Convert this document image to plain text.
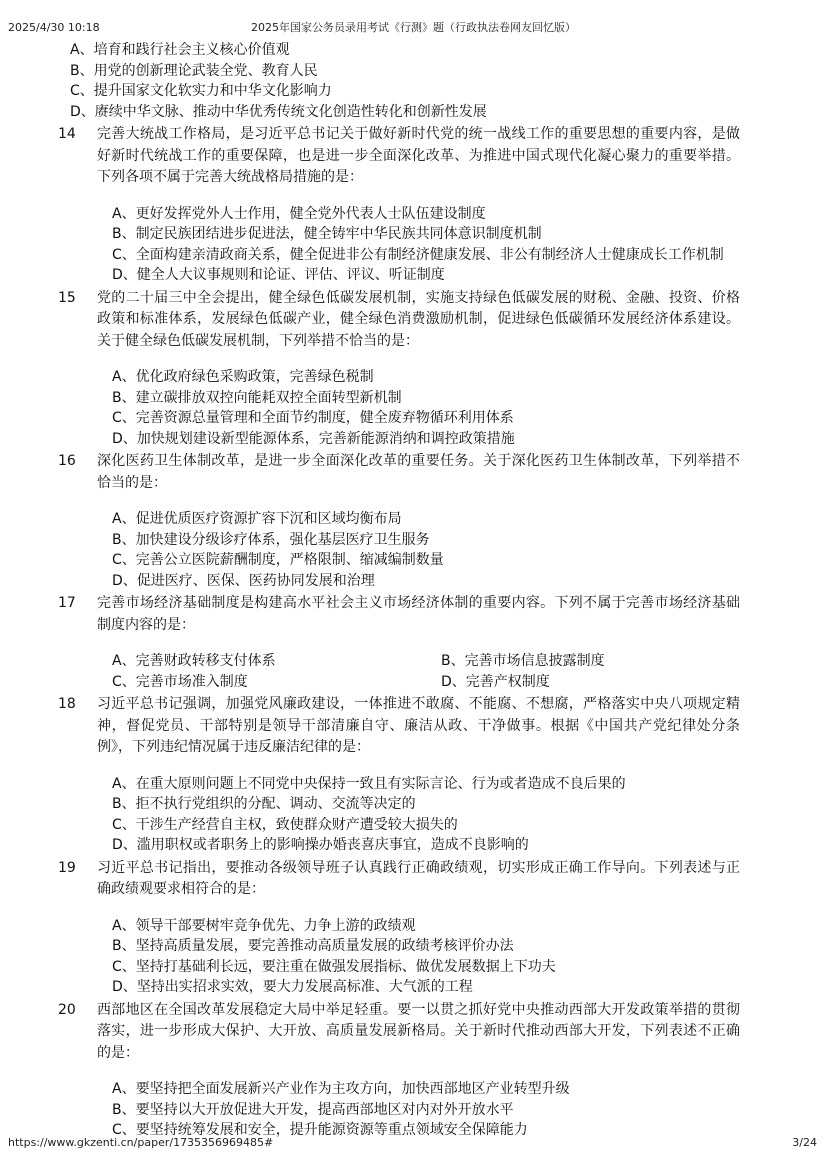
2025/4/30 10:18	2025年国家公务员录用考试《行测》题（行政执法卷网友回忆版）
A、培育和践行社会主义核心价值观
B、用党的创新理论武装全党、教育人民
C、提升国家文化软实力和中华文化影响力
D、赓续中华文脉、推动中华优秀传统文化创造性转化和创新性发展
14 完善大统战工作格局，是习近平总书记关于做好新时代党的统一战线工作的重要思想的重要内容，是做好新时代统战工作的重要保障，也是进一步全面深化改革、为推进中国式现代化凝心聚力的重要举措。下列各项不属于完善大统战格局措施的是：
A、更好发挥党外人士作用，健全党外代表人士队伍建设制度
B、制定民族团结进步促进法，健全铸牢中华民族共同体意识制度机制
C、全面构建亲清政商关系，健全促进非公有制经济健康发展、非公有制经济人士健康成长工作机制
D、健全人大议事规则和论证、评估、评议、听证制度
15 党的二十届三中全会提出，健全绿色低碳发展机制，实施支持绿色低碳发展的财税、金融、投资、价格政策和标准体系，发展绿色低碳产业，健全绿色消费激励机制，促进绿色低碳循环发展经济体系建设。关于健全绿色低碳发展机制，下列举措不恰当的是：
A、优化政府绿色采购政策，完善绿色税制
B、建立碳排放双控向能耗双控全面转型新机制
C、完善资源总量管理和全面节约制度，健全废弃物循环利用体系
D、加快规划建设新型能源体系，完善新能源消纳和调控政策措施
16 深化医药卫生体制改革，是进一步全面深化改革的重要任务。关于深化医药卫生体制改革，下列举措不恰当的是：
A、促进优质医疗资源扩容下沉和区域均衡布局
B、加快建设分级诊疗体系，强化基层医疗卫生服务
C、完善公立医院薪酬制度，严格限制、缩减编制数量
D、促进医疗、医保、医药协同发展和治理
17 完善市场经济基础制度是构建高水平社会主义市场经济体制的重要内容。下列不属于完善市场经济基础制度内容的是：
A、完善财政转移支付体系	B、完善市场信息披露制度
C、完善市场准入制度	D、完善产权制度
18 习近平总书记强调，加强党风廉政建设，一体推进不敢腐、不能腐、不想腐，严格落实中央八项规定精神，督促党员、干部特别是领导干部清廉自守、廉洁从政、干净做事。根据《中国共产党纪律处分条例》，下列违纪情况属于违反廉洁纪律的是：
A、在重大原则问题上不同党中央保持一致且有实际言论、行为或者造成不良后果的
B、拒不执行党组织的分配、调动、交流等决定的
C、干涉生产经营自主权，致使群众财产遭受较大损失的
D、滥用职权或者职务上的影响操办婚丧喜庆事宜，造成不良影响的
19 习近平总书记指出，要推动各级领导班子认真践行正确政绩观，切实形成正确工作导向。下列表述与正确政绩观要求相符合的是：
A、领导干部要树牢竞争优先、力争上游的政绩观
B、坚持高质量发展，要完善推动高质量发展的政绩考核评价办法
C、坚持打基础利长远，要注重在做强发展指标、做优发展数据上下功夫
D、坚持出实招求实效，要大力发展高标准、大气派的工程
20 西部地区在全国改革发展稳定大局中举足轻重。要一以贯之抓好党中央推动西部大开发政策举措的贯彻落实，进一步形成大保护、大开放、高质量发展新格局。关于新时代推动西部大开发，下列表述不正确的是：
A、要坚持把全面发展新兴产业作为主攻方向，加快西部地区产业转型升级
B、要坚持以大开放促进大开发，提高西部地区对内对外开放水平
C、要坚持统筹发展和安全，提升能源资源等重点领域安全保障能力
https://www.gkzenti.cn/paper/1735356969485#	3/24
